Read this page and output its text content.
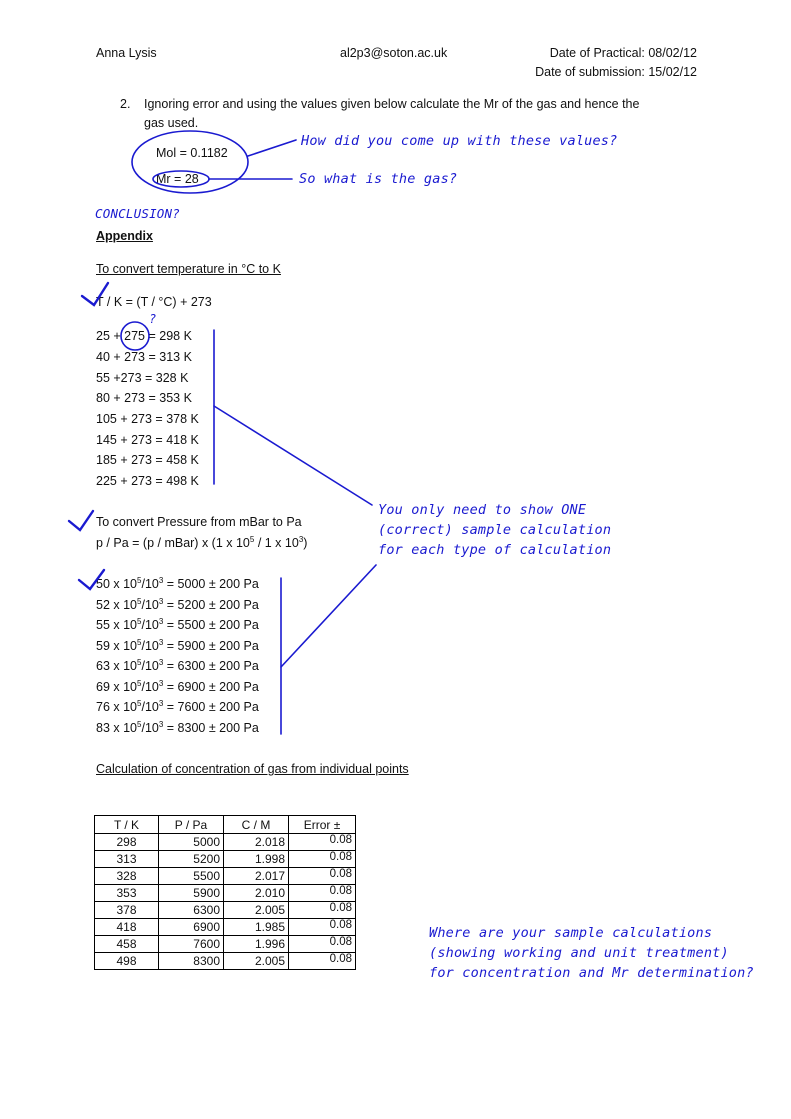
Anna Lysis	al2p3@soton.ac.uk	Date of Practical: 08/02/12
Date of submission: 15/02/12
2. Ignoring error and using the values given below calculate the Mr of the gas and hence the
gas used.
Mol = 0.1182
Mr = 28
Appendix
To convert temperature in °C to K
T / K = (T / °C) + 273
25 + 275 = 298 K
40 + 273 = 313 K
55 +273 = 328 K
80 + 273 = 353 K
105 + 273 = 378 K
145 + 273 = 418 K
185 + 273 = 458 K
225 + 273 = 498 K
To convert Pressure from mBar to Pa
p / Pa = (p / mBar) x (1 x $10^5 / 1$ x $10^3$)
50 x $10^5/10^3 = 5000 \pm 200$ Pa
52 x $10^5/10^3 = 5200 \pm 200$ Pa
55 x $10^5/10^3 = 5500 \pm 200$ Pa
59 x $10^5/10^3 = 5900 \pm 200$ Pa
63 x $10^5/10^3 = 6300 \pm 200$ Pa
69 x $10^5/10^3 = 6900 \pm 200$ Pa
76 x $10^5/10^3 = 7600 \pm 200$ Pa
83 x $10^5/10^3 = 8300 \pm 200$ Pa
Calculation of concentration of gas from individual points
T / K	P / Pa	C / M	Error ±
298	5000	2.018	0.08
313	5200	1.998	0.08
328	5500	2.017	0.08
353	5900	2.010	0.08
378	6300	2.005	0.08
418	6900	1.985	0.08
458	7600	1.996	0.08
498	8300	2.005	0.08
How did you come up with these values?
So what is the gas?
CONCLUSION?
?
You only need to show ONE
(correct) sample calculation
for each type of calculation
Where are your sample calculations
(showing working and unit treatment)
for concentration and Mr determination?
